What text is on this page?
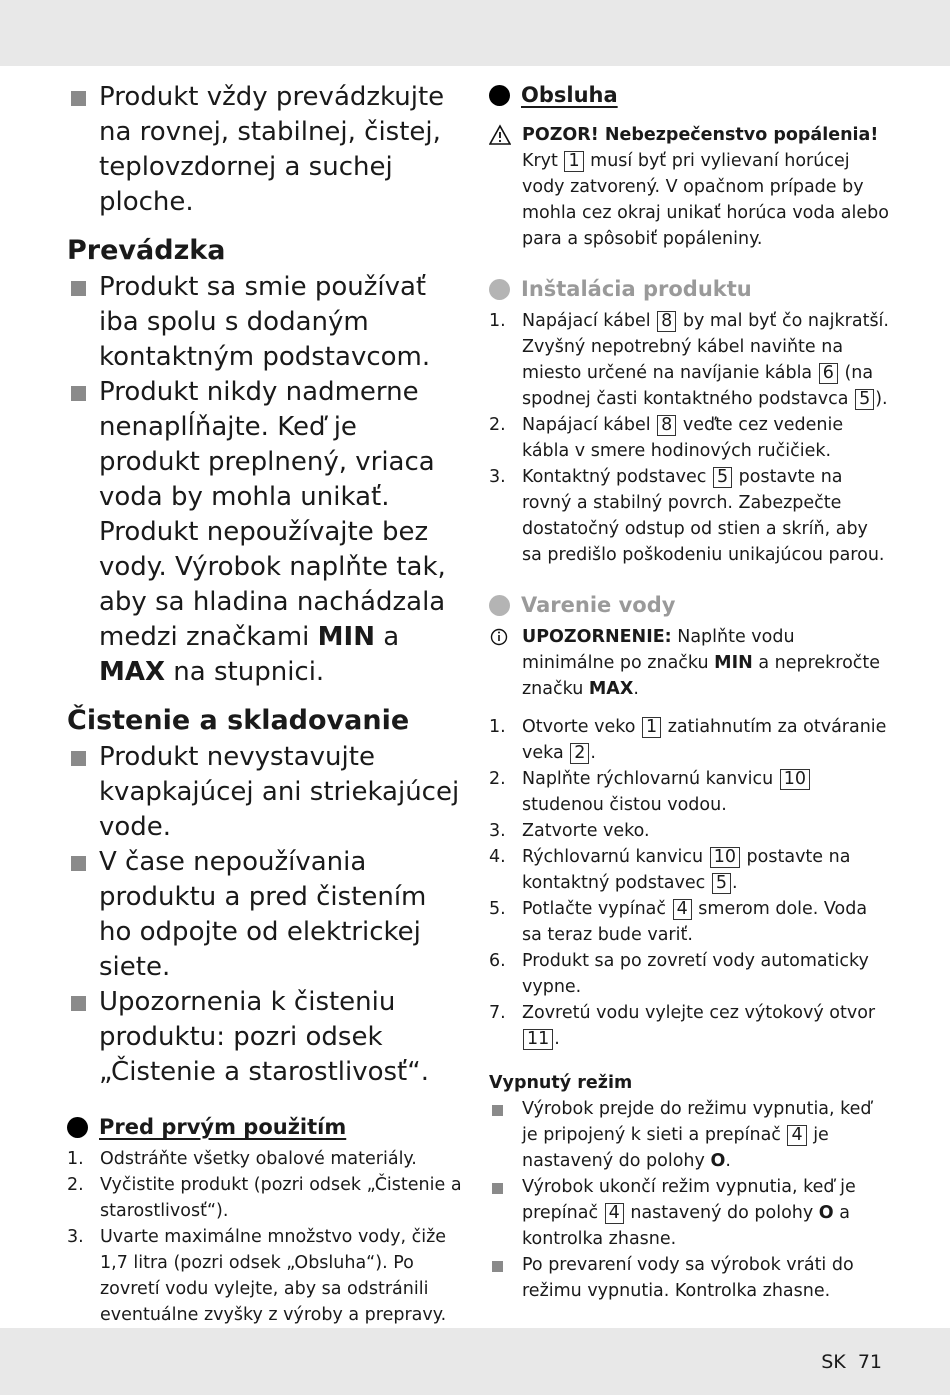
Produkt vždy prevádzkujte na rovnej, stabilnej, čistej, teplovzdornej a suchej ploche.
Prevádzka
Produkt sa smie používať iba spolu s dodaným kontaktným podstavcom.
Produkt nikdy nadmerne nenaplĺňajte. Keď je produkt preplnený, vriaca voda by mohla unikať. Produkt nepoužívajte bez vody. Výrobok naplňte tak, aby sa hladina nachádzala medzi značkami MIN a MAX na stupnici.
Čistenie a skladovanie
Produkt nevystavujte kvapkajúcej ani striekajúcej vode.
V čase nepoužívania produktu a pred čistením ho odpojte od elektrickej siete.
Upozornenia k čisteniu produktu: pozri odsek „Čistenie a starostlivosť“.
Pred prvým použitím
1. Odstráňte všetky obalové materiály.
2. Vyčistite produkt (pozri odsek „Čistenie a starostlivosť“).
3. Uvarte maximálne množstvo vody, čiže 1,7 litra (pozri odsek „Obsluha“). Po zovretí vodu vylejte, aby sa odstránili eventuálne zvyšky z výroby a prepravy.
Obsluha
POZOR! Nebezpečenstvo popálenia! Kryt 1 musí byť pri vylievaní horúcej vody zatvorený. V opačnom prípade by mohla cez okraj unikať horúca voda alebo para a spôsobiť popáleniny.
Inštalácia produktu
1. Napájací kábel 8 by mal byť čo najkratší. Zvyšný nepotrebný kábel naviňte na miesto určené na navíjanie kábla 6 (na spodnej časti kontaktného podstavca 5 ).
2. Napájací kábel 8 veďte cez vedenie kábla v smere hodinových ručičiek.
3. Kontaktný podstavec 5 postavte na rovný a stabilný povrch. Zabezpečte dostatočný odstup od stien a skríň, aby sa predišlo poškodeniu unikajúcou parou.
Varenie vody
UPOZORNENIE: Naplňte vodu minimálne po značku MIN a neprekročte značku MAX.
1. Otvorte veko 1 zatiahnutím za otváranie veka 2 .
2. Naplňte rýchlovarnú kanvicu 10 studenou čistou vodou.
3. Zatvorte veko.
4. Rýchlovarnú kanvicu 10 postavte na kontaktný podstavec 5 .
5. Potlačte vypínač 4 smerom dole. Voda sa teraz bude variť.
6. Produkt sa po zovretí vody automaticky vypne.
7. Zovretú vodu vylejte cez výtokový otvor 11 .
Vypnutý režim
Výrobok prejde do režimu vypnutia, keď je pripojený k sieti a prepínač 4 je nastavený do polohy O.
Výrobok ukončí režim vypnutia, keď je prepínač 4 nastavený do polohy O a kontrolka zhasne.
Po prevarení vody sa výrobok vráti do režimu vypnutia. Kontrolka zhasne.
SK 71
